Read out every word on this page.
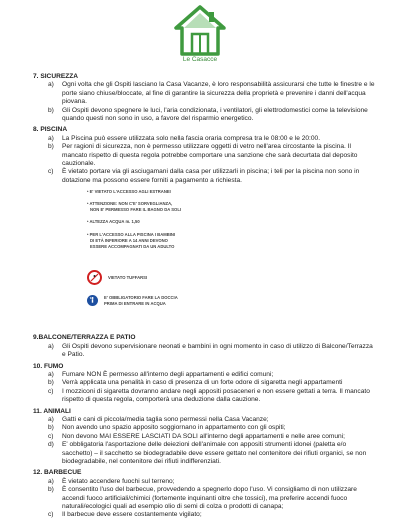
Le Casacce
7. SICUREZZA
a)	Ogni volta che gli Ospiti lasciano la Casa Vacanze, è loro responsabilità assicurarsi che tutte le finestre e le porte siano chiuse/bloccate, al fine di garantire la sicurezza della proprietà e prevenire i danni dell'acqua piovana.
b)	Gli Ospiti devono spegnere le luci, l'aria condizionata, i ventilatori, gli elettrodomestici come la televisione quando questi non sono in uso, a favore del risparmio energetico.
8. PISCINA
a)	La Piscina può essere utilizzata solo nella fascia oraria compresa tra le 08:00 e le 20:00.
b)	Per ragioni di sicurezza, non è permesso utilizzare oggetti di vetro nell'area circostante la piscina. Il mancato rispetto di questa regola potrebbe comportare una sanzione che sarà decurtata dal deposito cauzionale.
c)	È vietato portare via gli asciugamani dalla casa per utilizzarli in piscina; i teli per la piscina non sono in dotazione ma possono essere forniti a pagamento a richiesta.
• E' VIETATO L'ACCESSO AGLI ESTRANEI
• ATTENZIONE: NON C'E' SORVEGLIANZA,
NON E' PERMESSO FARE IL BAGNO DA SOLI
• ALTEZZA ACQUA m. 1,50
• PER L'ACCESSO ALLA PISCINA I BAMBINI
DI ETÀ INFERIORE A 14 ANNI DEVONO
ESSERE ACCOMPAGNATI DA UN ADULTO
VIETATO TUFFARSI
E' OBBLIGATORIO FARE LA DOCCIA
PRIMA DI ENTRARE IN ACQUA
9.BALCONE/TERRAZZA E PATIO
a)	Gli Ospiti devono supervisionare neonati e bambini in ogni momento in caso di utilizzo di Balcone/Terrazza e Patio.
10. FUMO
a)	Fumare NON È permesso all'interno degli appartamenti e edifici comuni;
b)	Verrà applicata una penalità in caso di presenza di un forte odore di sigaretta negli appartamenti
c)	I mozziconi di sigaretta dovranno andare negli appositi posaceneri e non essere gettati a terra. Il mancato rispetto di questa regola, comporterà una deduzione dalla cauzione.
11. ANIMALI
a)	Gatti e cani di piccola/media taglia sono permessi nella Casa Vacanze;
b)	Non avendo uno spazio apposito soggiornano in appartamento con gli ospiti;
c)	Non devono MAI ESSERE LASCIATI DA SOLI all'interno degli appartamenti e nelle aree comuni;
d)	E' obbligatoria l'asportazione delle deiezioni dell'animale con appositi strumenti idonei (paletta e/o sacchetto) – il sacchetto se biodegradabile deve essere gettato nel contenitore dei rifiuti organici, se non biodegradabile, nel contenitore dei rifiuti indifferenziati.
12. BARBECUE
a)	È vietato accendere fuochi sul terreno;
b)	È consentito l'uso del barbecue, provvedendo a spegnerlo dopo l'uso. Vi consigliamo di non utilizzare accendi fuoco artificiali/chimici (fortemente inquinanti oltre che tossici), ma preferire accendi fuoco naturali/ecologici quali ad esempio olio di semi di colza o prodotti di canapa;
c)	Il barbecue deve essere costantemente vigilato;
